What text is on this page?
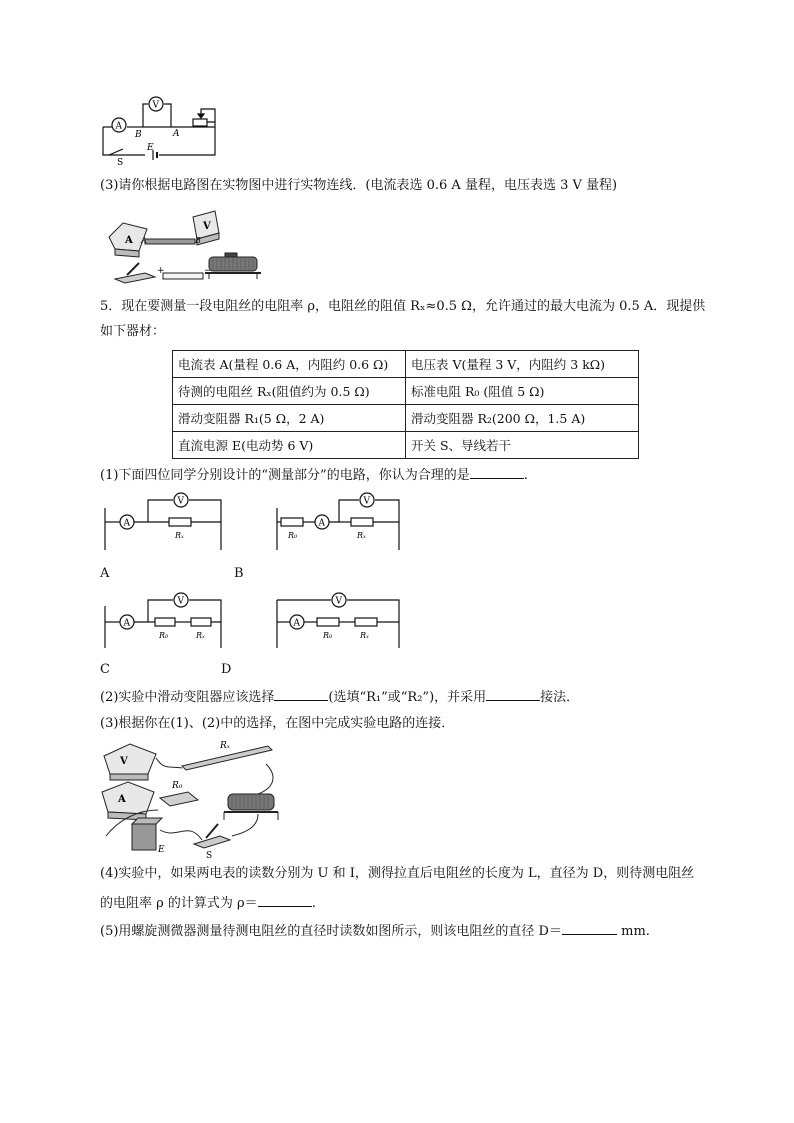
A
V
B	A
S
E
(3)请你根据电路图在实物图中进行实物连线．(电流表选 0.6 A 量程，电压表选 3 V 量程)
A
V
A	B
+	−
5．现在要测量一段电阻丝的电阻率 ρ，电阻丝的阻值 Rₓ≈0.5 Ω，允许通过的最大电流为 0.5 A．现提供
如下器材：
电流表 A(量程 0.6 A，内阻约 0.6 Ω)	电压表 V(量程 3 V，内阻约 3 kΩ)
待测的电阻丝 Rₓ(阻值约为 0.5 Ω)	标准电阻 R₀ (阻值 5 Ω)
滑动变阻器 R₁(5 Ω，2 A)	滑动变阻器 R₂(200 Ω，1.5 A)
直流电源 E(电动势 6 V)	开关 S、导线若干
(1)下面四位同学分别设计的“测量部分”的电路，你认为合理的是	.
A
V
Rₓ
A
V
R₀	Rₓ
A	B
A
V
R₀	Rₓ
A
V
R₀	Rₓ
C	D
(2)实验中滑动变阻器应该选择	(选填“R₁”或“R₂”)，并采用	接法．
(3)根据你在(1)、(2)中的选择，在图中完成实验电路的连接．
V
A
Rₓ
R₀
E
S
(4)实验中，如果两电表的读数分别为 U 和 I，测得拉直后电阻丝的长度为 L，直径为 D，则待测电阻丝
的电阻率 ρ 的计算式为 ρ＝	.
(5)用螺旋测微器测量待测电阻丝的直径时读数如图所示，则该电阻丝的直径 D＝	mm.
